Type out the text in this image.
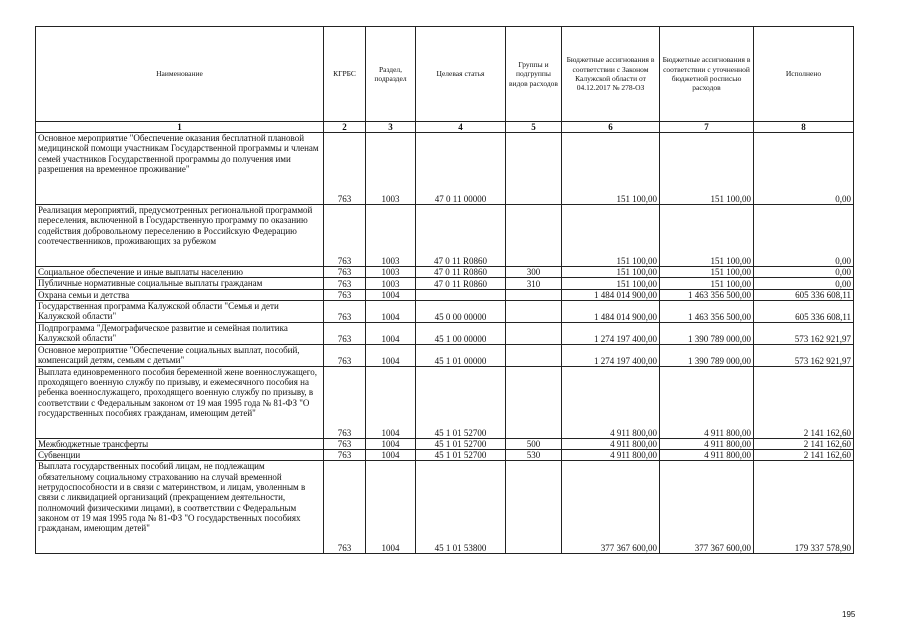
Наименование	КГРБС	Раздел, подраздел	Целевая статья	Группы и подгруппы видов расходов	Бюджетные ассигнования в соответствии с Законом Калужской области от 04.12.2017 № 278-ОЗ	Бюджетные ассигнования в соответствии с уточненной бюджетной росписью расходов	Исполнено
1	2	3	4	5	6	7	8
Основное мероприятие "Обеспечение оказания бесплатной плановой медицинской помощи участникам Государственной программы и членам семей участников Государственной программы до получения ими разрешения на временное проживание"	763	1003	47 0 11 00000		151 100,00	151 100,00	0,00
Реализация мероприятий, предусмотренных региональной программой переселения, включенной в Государственную программу по оказанию содействия добровольному переселению в Российскую Федерацию соотечественников, проживающих за рубежом	763	1003	47 0 11 R0860		151 100,00	151 100,00	0,00
Социальное обеспечение и иные выплаты населению	763	1003	47 0 11 R0860	300	151 100,00	151 100,00	0,00
Публичные нормативные социальные выплаты гражданам	763	1003	47 0 11 R0860	310	151 100,00	151 100,00	0,00
Охрана семьи и детства	763	1004			1 484 014 900,00	1 463 356 500,00	605 336 608,11
Государственная программа Калужской области "Семья и дети Калужской области"	763	1004	45 0 00 00000		1 484 014 900,00	1 463 356 500,00	605 336 608,11
Подпрограмма "Демографическое развитие и семейная политика Калужской области"	763	1004	45 1 00 00000		1 274 197 400,00	1 390 789 000,00	573 162 921,97
Основное мероприятие "Обеспечение социальных выплат, пособий, компенсаций детям, семьям с детьми"	763	1004	45 1 01 00000		1 274 197 400,00	1 390 789 000,00	573 162 921,97
Выплата единовременного пособия беременной жене военнослужащего, проходящего военную службу по призыву, и ежемесячного пособия на ребенка военнослужащего, проходящего военную службу по призыву, в соответствии с Федеральным законом от 19 мая 1995 года № 81-ФЗ "О государственных пособиях гражданам, имеющим детей"	763	1004	45 1 01 52700		4 911 800,00	4 911 800,00	2 141 162,60
Межбюджетные трансферты	763	1004	45 1 01 52700	500	4 911 800,00	4 911 800,00	2 141 162,60
Субвенции	763	1004	45 1 01 52700	530	4 911 800,00	4 911 800,00	2 141 162,60
Выплата государственных пособий лицам, не подлежащим обязательному социальному страхованию на случай временной нетрудоспособности и в связи с материнством, и лицам, уволенным в связи с ликвидацией организаций (прекращением деятельности, полномочий физическими лицами), в соответствии с Федеральным законом от 19 мая 1995 года № 81-ФЗ "О государственных пособиях гражданам, имеющим детей"	763	1004	45 1 01 53800		377 367 600,00	377 367 600,00	179 337 578,90
195
